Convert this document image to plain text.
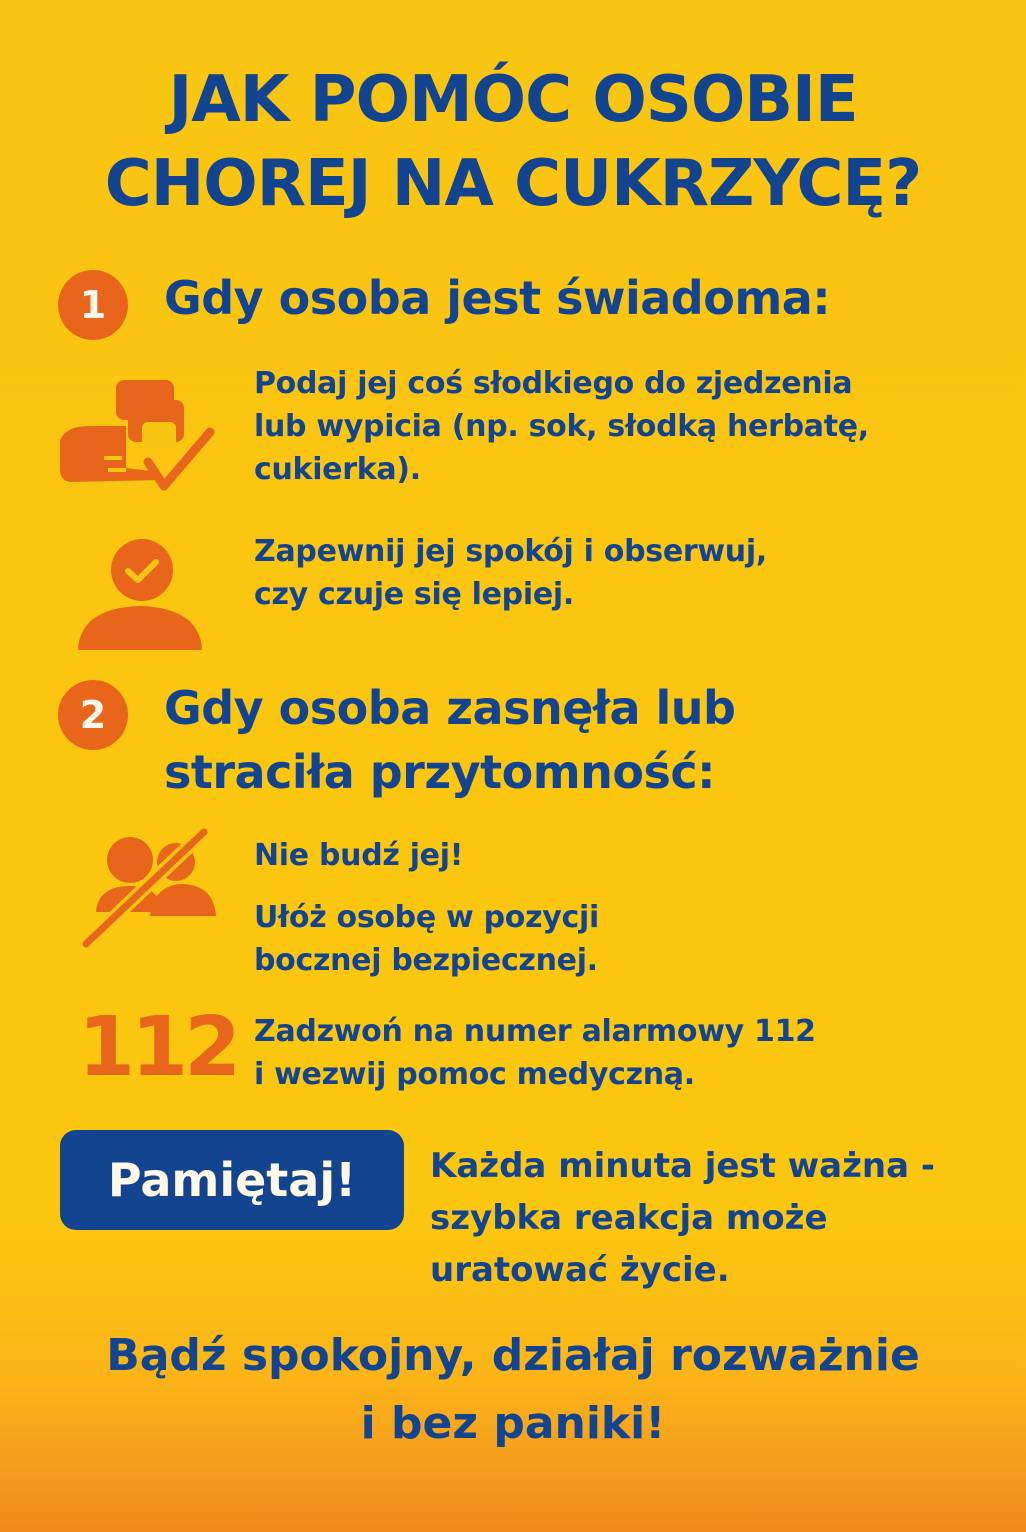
JAK POMÓC OSOBIE
CHOREJ NA CUKRZYCĘ?
1	Gdy osoba jest świadoma:
Podaj jej coś słodkiego do zjedzenia
lub wypicia (np. sok, słodką herbatę,
cukierka).
Zapewnij jej spokój i obserwuj,
czy czuje się lepiej.
2	Gdy osoba zasnęła lub
straciła przytomność:
Nie budź jej!
Ułóż osobę w pozycji
bocznej bezpiecznej.
112 Zadzwoń na numer alarmowy 112
i wezwij pomoc medyczną.
Pamiętaj!	Każda minuta jest ważna -
szybka reakcja może
uratować życie.
Bądź spokojny, działaj rozważnie
i bez paniki!
